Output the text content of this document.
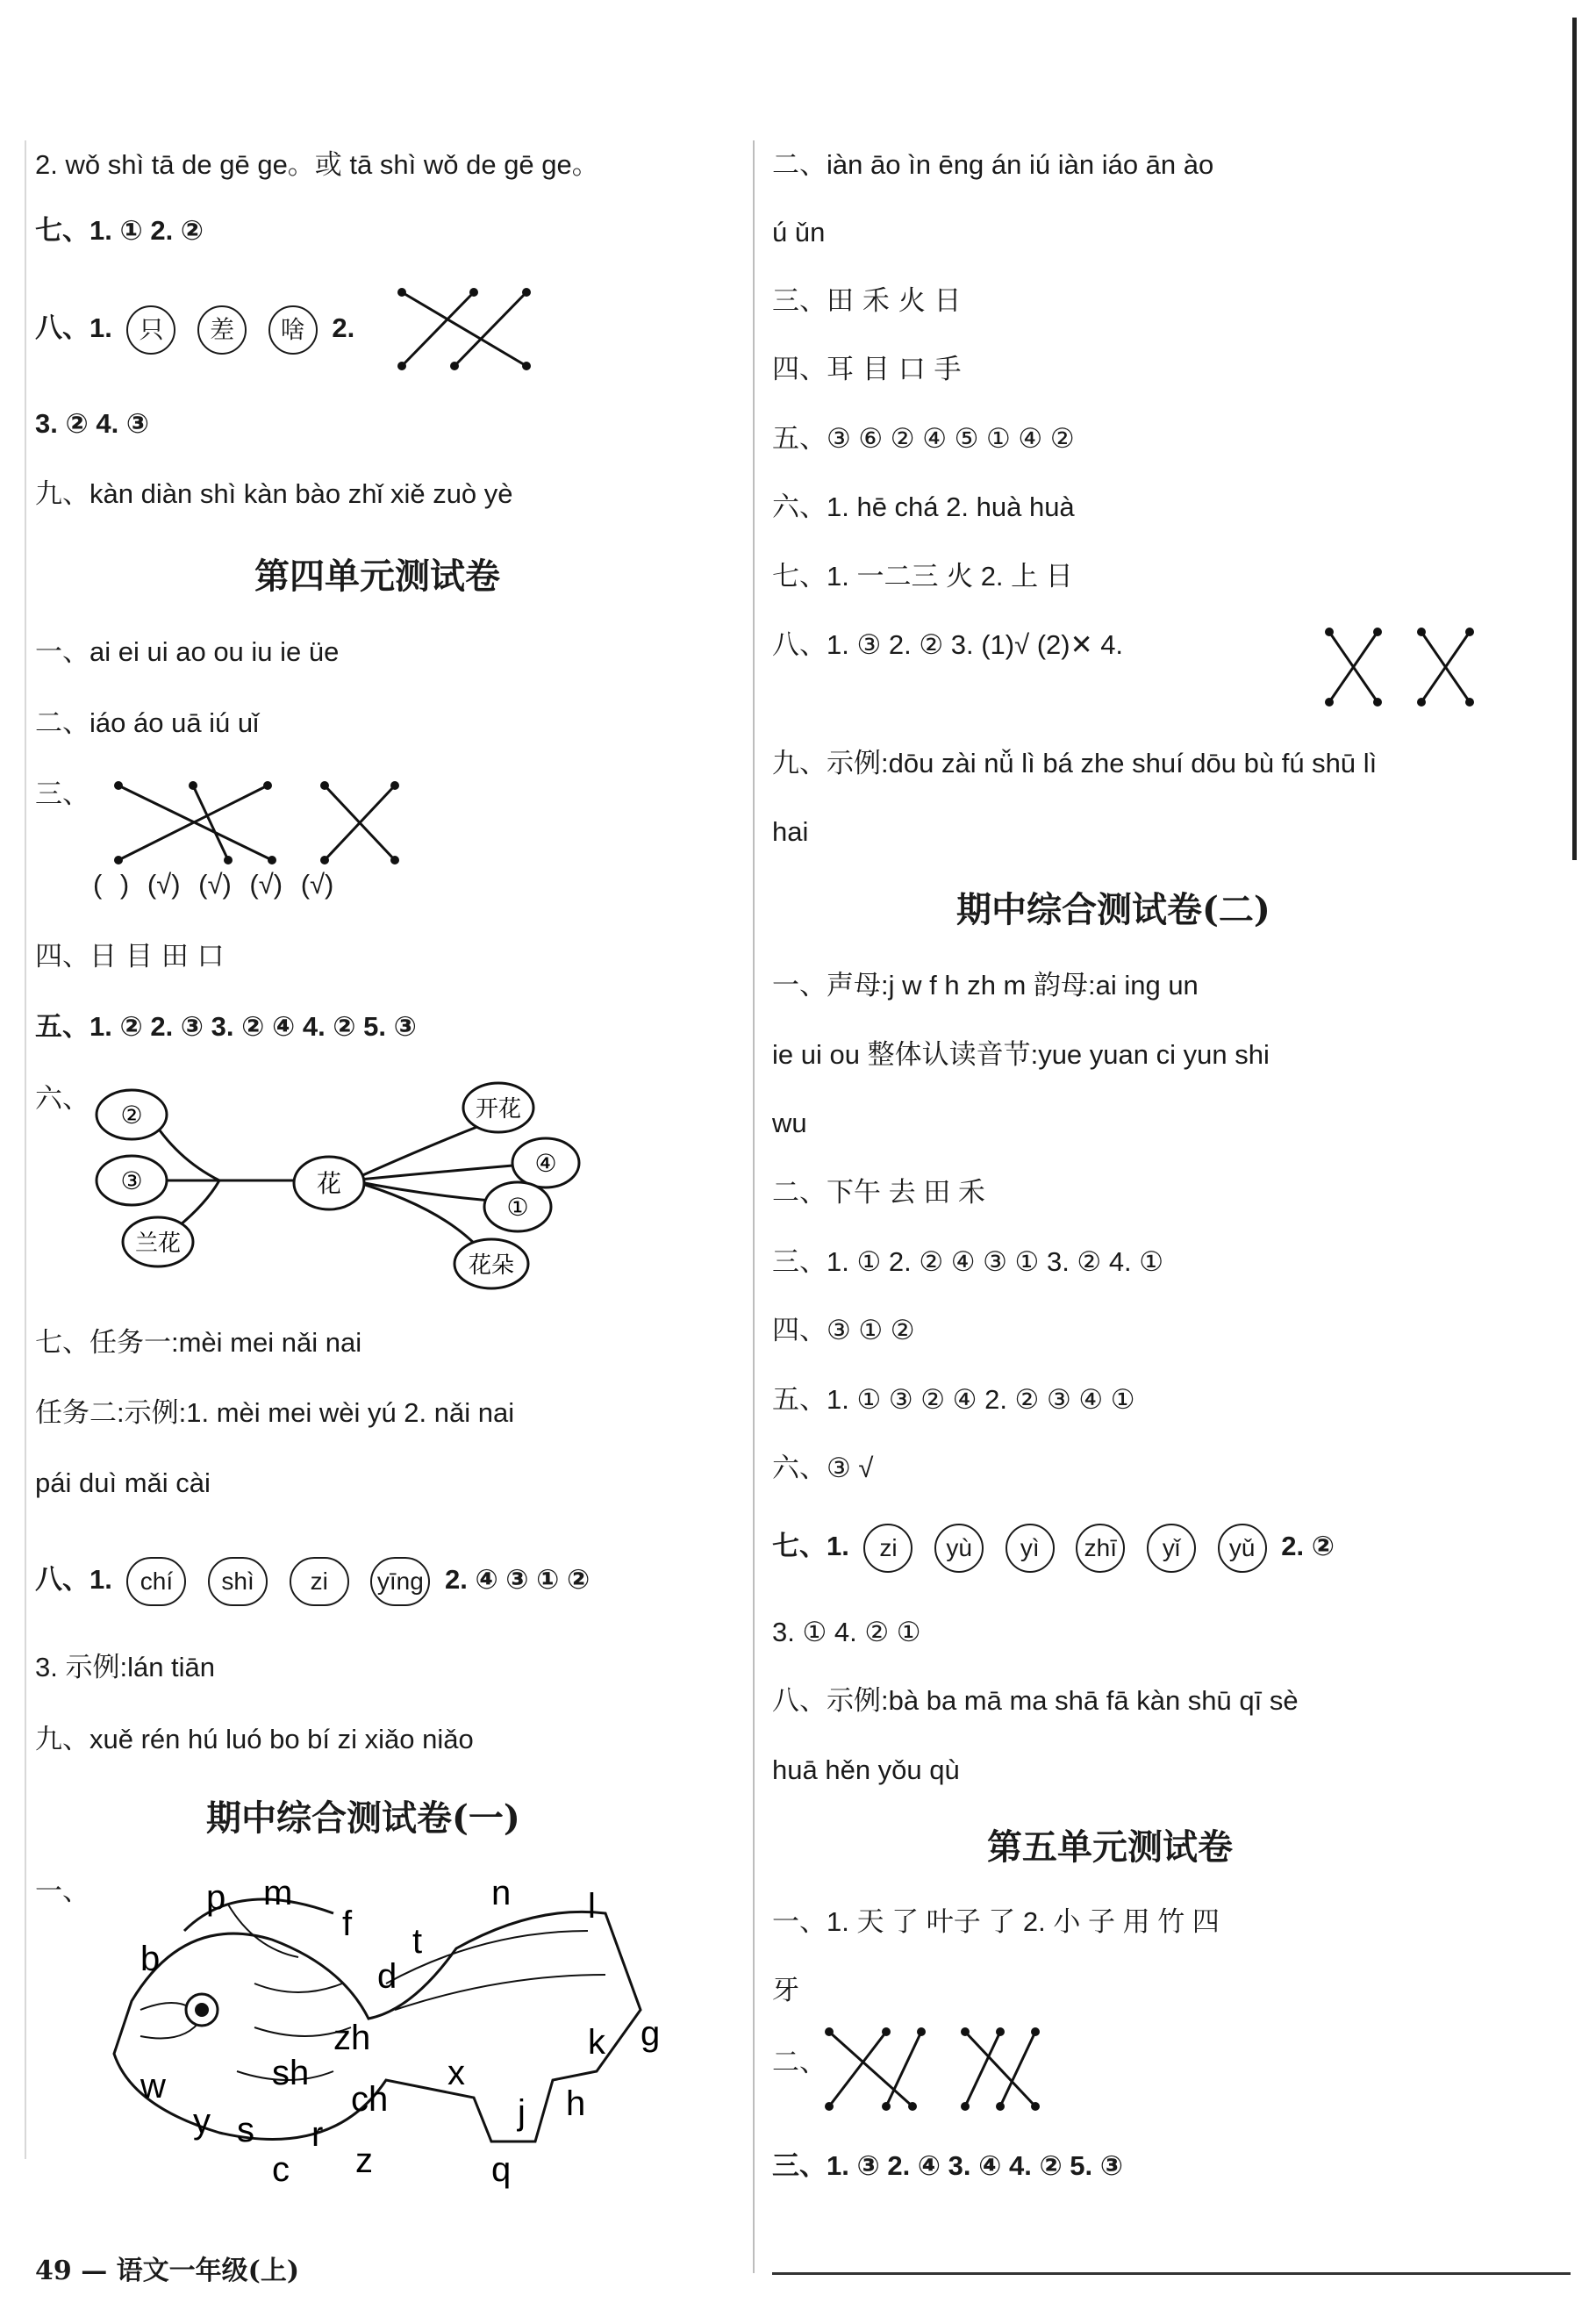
2. wǒ shì tā de gē ge。或 tā shì wǒ de gē ge。
七、1. ① 2. ②
八、1. 只 差 啥 2.
3. ② 4. ③
九、kàn diàn shì kàn bào zhǐ xiě zuò yè
第四单元测试卷
一、ai ei ui ao ou iu ie üe
二、iáo áo uā iú uǐ
三、
( ) (√) (√) (√) (√)
四、日 目 田 口
五、1. ② 2. ③ 3. ② ④ 4. ② 5. ③
六、
②
③
兰花
花
开花
④
①
花朵
七、任务一:mèi mei nǎi nai
任务二:示例:1. mèi mei wèi yú 2. nǎi nai
pái duì mǎi cài
八、1. chí shì zi yīng 2. ④ ③ ① ②
3. 示例:lán tiān
九、xuě rén hú luó bo bí zi xiǎo niǎo
期中综合测试卷(一)
一、	p m
f t
n l
b	d
zh	k g
sh	x
w	ch	j h
y s r
c z	q
49 — 语文一年级(上)
二、iàn āo ìn ēng án iú iàn iáo ān ào
ú ǔn
三、田 禾 火 日
四、耳 目 口 手
五、③ ⑥ ② ④ ⑤ ① ④ ②
六、1. hē chá 2. huà huà
七、1. 一二三 火 2. 上 日
八、1. ③ 2. ② 3. (1)√ (2)✕ 4.
九、示例:dōu zài nǚ lì bá zhe shuí dōu bù fú shū lì
hai
期中综合测试卷(二)
一、声母:j w f h zh m 韵母:ai ing un
ie ui ou 整体认读音节:yue yuan ci yun shi
wu
二、下午 去 田 禾
三、1. ① 2. ② ④ ③ ① 3. ② 4. ①
四、③ ① ②
五、1. ① ③ ② ④ 2. ② ③ ④ ①
六、③ √
七、1. zi yù yì zhī yǐ yǔ 2. ②
3. ① 4. ② ①
八、示例:bà ba mā ma shā fā kàn shū qī sè
huā hěn yǒu qù
第五单元测试卷
一、1. 天 了 叶子 了 2. 小 子 用 竹 四
牙
二、
三、1. ③ 2. ④ 3. ④ 4. ② 5. ③
